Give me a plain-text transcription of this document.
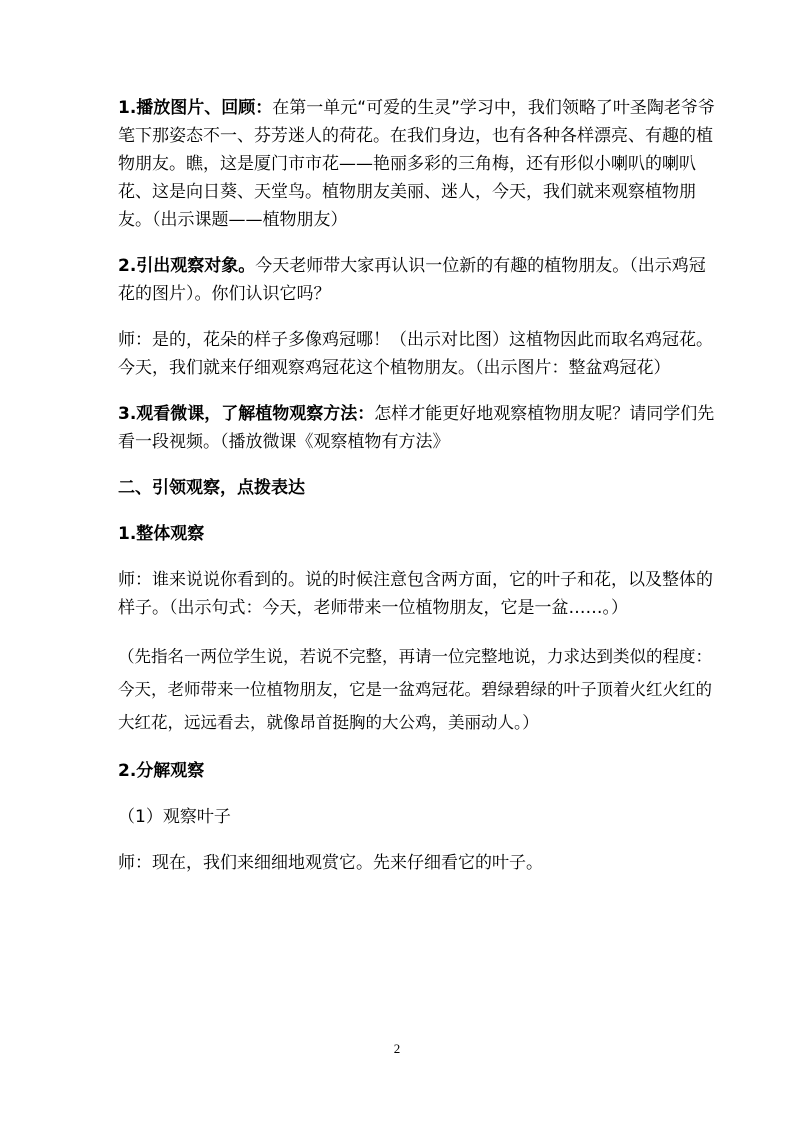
1.播放图片、回顾：在第一单元“可爱的生灵”学习中，我们领略了叶圣陶老爷爷笔下那姿态不一、芬芳迷人的荷花。在我们身边，也有各种各样漂亮、有趣的植物朋友。瞧，这是厦门市市花——艳丽多彩的三角梅，还有形似小喇叭的喇叭花、这是向日葵、天堂鸟。植物朋友美丽、迷人，今天，我们就来观察植物朋友。（出示课题——植物朋友）

2.引出观察对象。今天老师带大家再认识一位新的有趣的植物朋友。（出示鸡冠花的图片）。你们认识它吗？

师：是的，花朵的样子多像鸡冠哪！（出示对比图）这植物因此而取名鸡冠花。今天，我们就来仔细观察鸡冠花这个植物朋友。（出示图片：整盆鸡冠花）

3.观看微课，了解植物观察方法：怎样才能更好地观察植物朋友呢？请同学们先看一段视频。（播放微课《观察植物有方法》

二、引领观察，点拨表达

1.整体观察

师：谁来说说你看到的。说的时候注意包含两方面，它的叶子和花，以及整体的样子。（出示句式：今天，老师带来一位植物朋友，它是一盆……。）

（先指名一两位学生说，若说不完整，再请一位完整地说，力求达到类似的程度：今天，老师带来一位植物朋友，它是一盆鸡冠花。碧绿碧绿的叶子顶着火红火红的大红花，远远看去，就像昂首挺胸的大公鸡，美丽动人。）

2.分解观察

（1）观察叶子

师：现在，我们来细细地观赏它。先来仔细看它的叶子。

2
